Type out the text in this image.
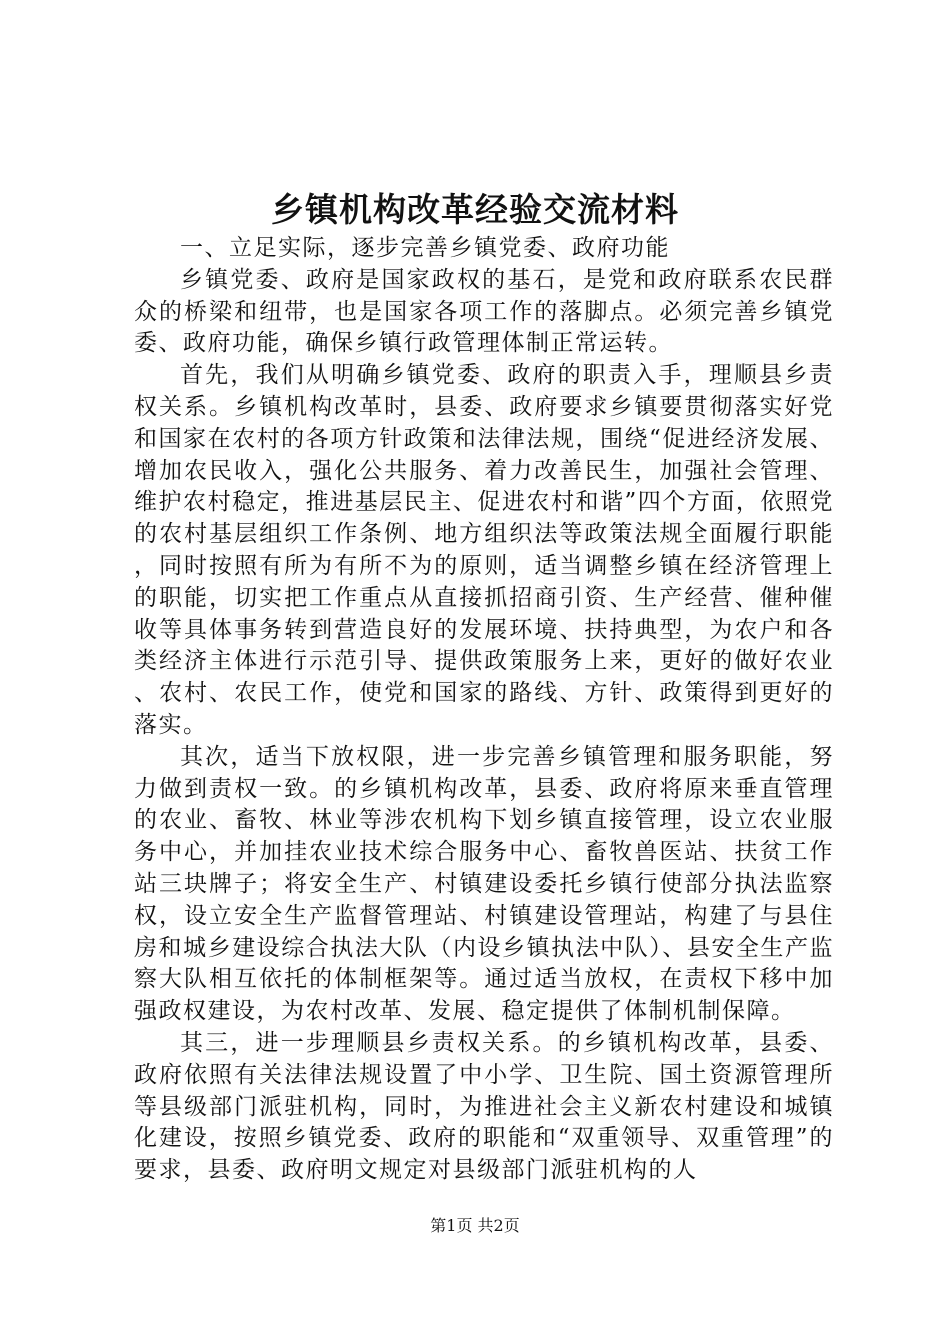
乡镇机构改革经验交流材料

一、立足实际，逐步完善乡镇党委、政府功能

乡镇党委、政府是国家政权的基石，是党和政府联系农民群众的桥梁和纽带，也是国家各项工作的落脚点。必须完善乡镇党委、政府功能，确保乡镇行政管理体制正常运转。

首先，我们从明确乡镇党委、政府的职责入手，理顺县乡责权关系。乡镇机构改革时，县委、政府要求乡镇要贯彻落实好党和国家在农村的各项方针政策和法律法规，围绕“促进经济发展、增加农民收入，强化公共服务、着力改善民生，加强社会管理、维护农村稳定，推进基层民主、促进农村和谐”四个方面，依照党的农村基层组织工作条例、地方组织法等政策法规全面履行职能，同时按照有所为有所不为的原则，适当调整乡镇在经济管理上的职能，切实把工作重点从直接抓招商引资、生产经营、催种催收等具体事务转到营造良好的发展环境、扶持典型，为农户和各类经济主体进行示范引导、提供政策服务上来，更好的做好农业、农村、农民工作，使党和国家的路线、方针、政策得到更好的落实。

其次，适当下放权限，进一步完善乡镇管理和服务职能，努力做到责权一致。的乡镇机构改革，县委、政府将原来垂直管理的农业、畜牧、林业等涉农机构下划乡镇直接管理，设立农业服务中心，并加挂农业技术综合服务中心、畜牧兽医站、扶贫工作站三块牌子；将安全生产、村镇建设委托乡镇行使部分执法监察权，设立安全生产监督管理站、村镇建设管理站，构建了与县住房和城乡建设综合执法大队（内设乡镇执法中队）、县安全生产监察大队相互依托的体制框架等。通过适当放权，在责权下移中加强政权建设，为农村改革、发展、稳定提供了体制机制保障。

其三，进一步理顺县乡责权关系。的乡镇机构改革，县委、政府依照有关法律法规设置了中小学、卫生院、国土资源管理所等县级部门派驻机构，同时，为推进社会主义新农村建设和城镇化建设，按照乡镇党委、政府的职能和“双重领导、双重管理”的要求，县委、政府明文规定对县级部门派驻机构的人

第1页 共2页
